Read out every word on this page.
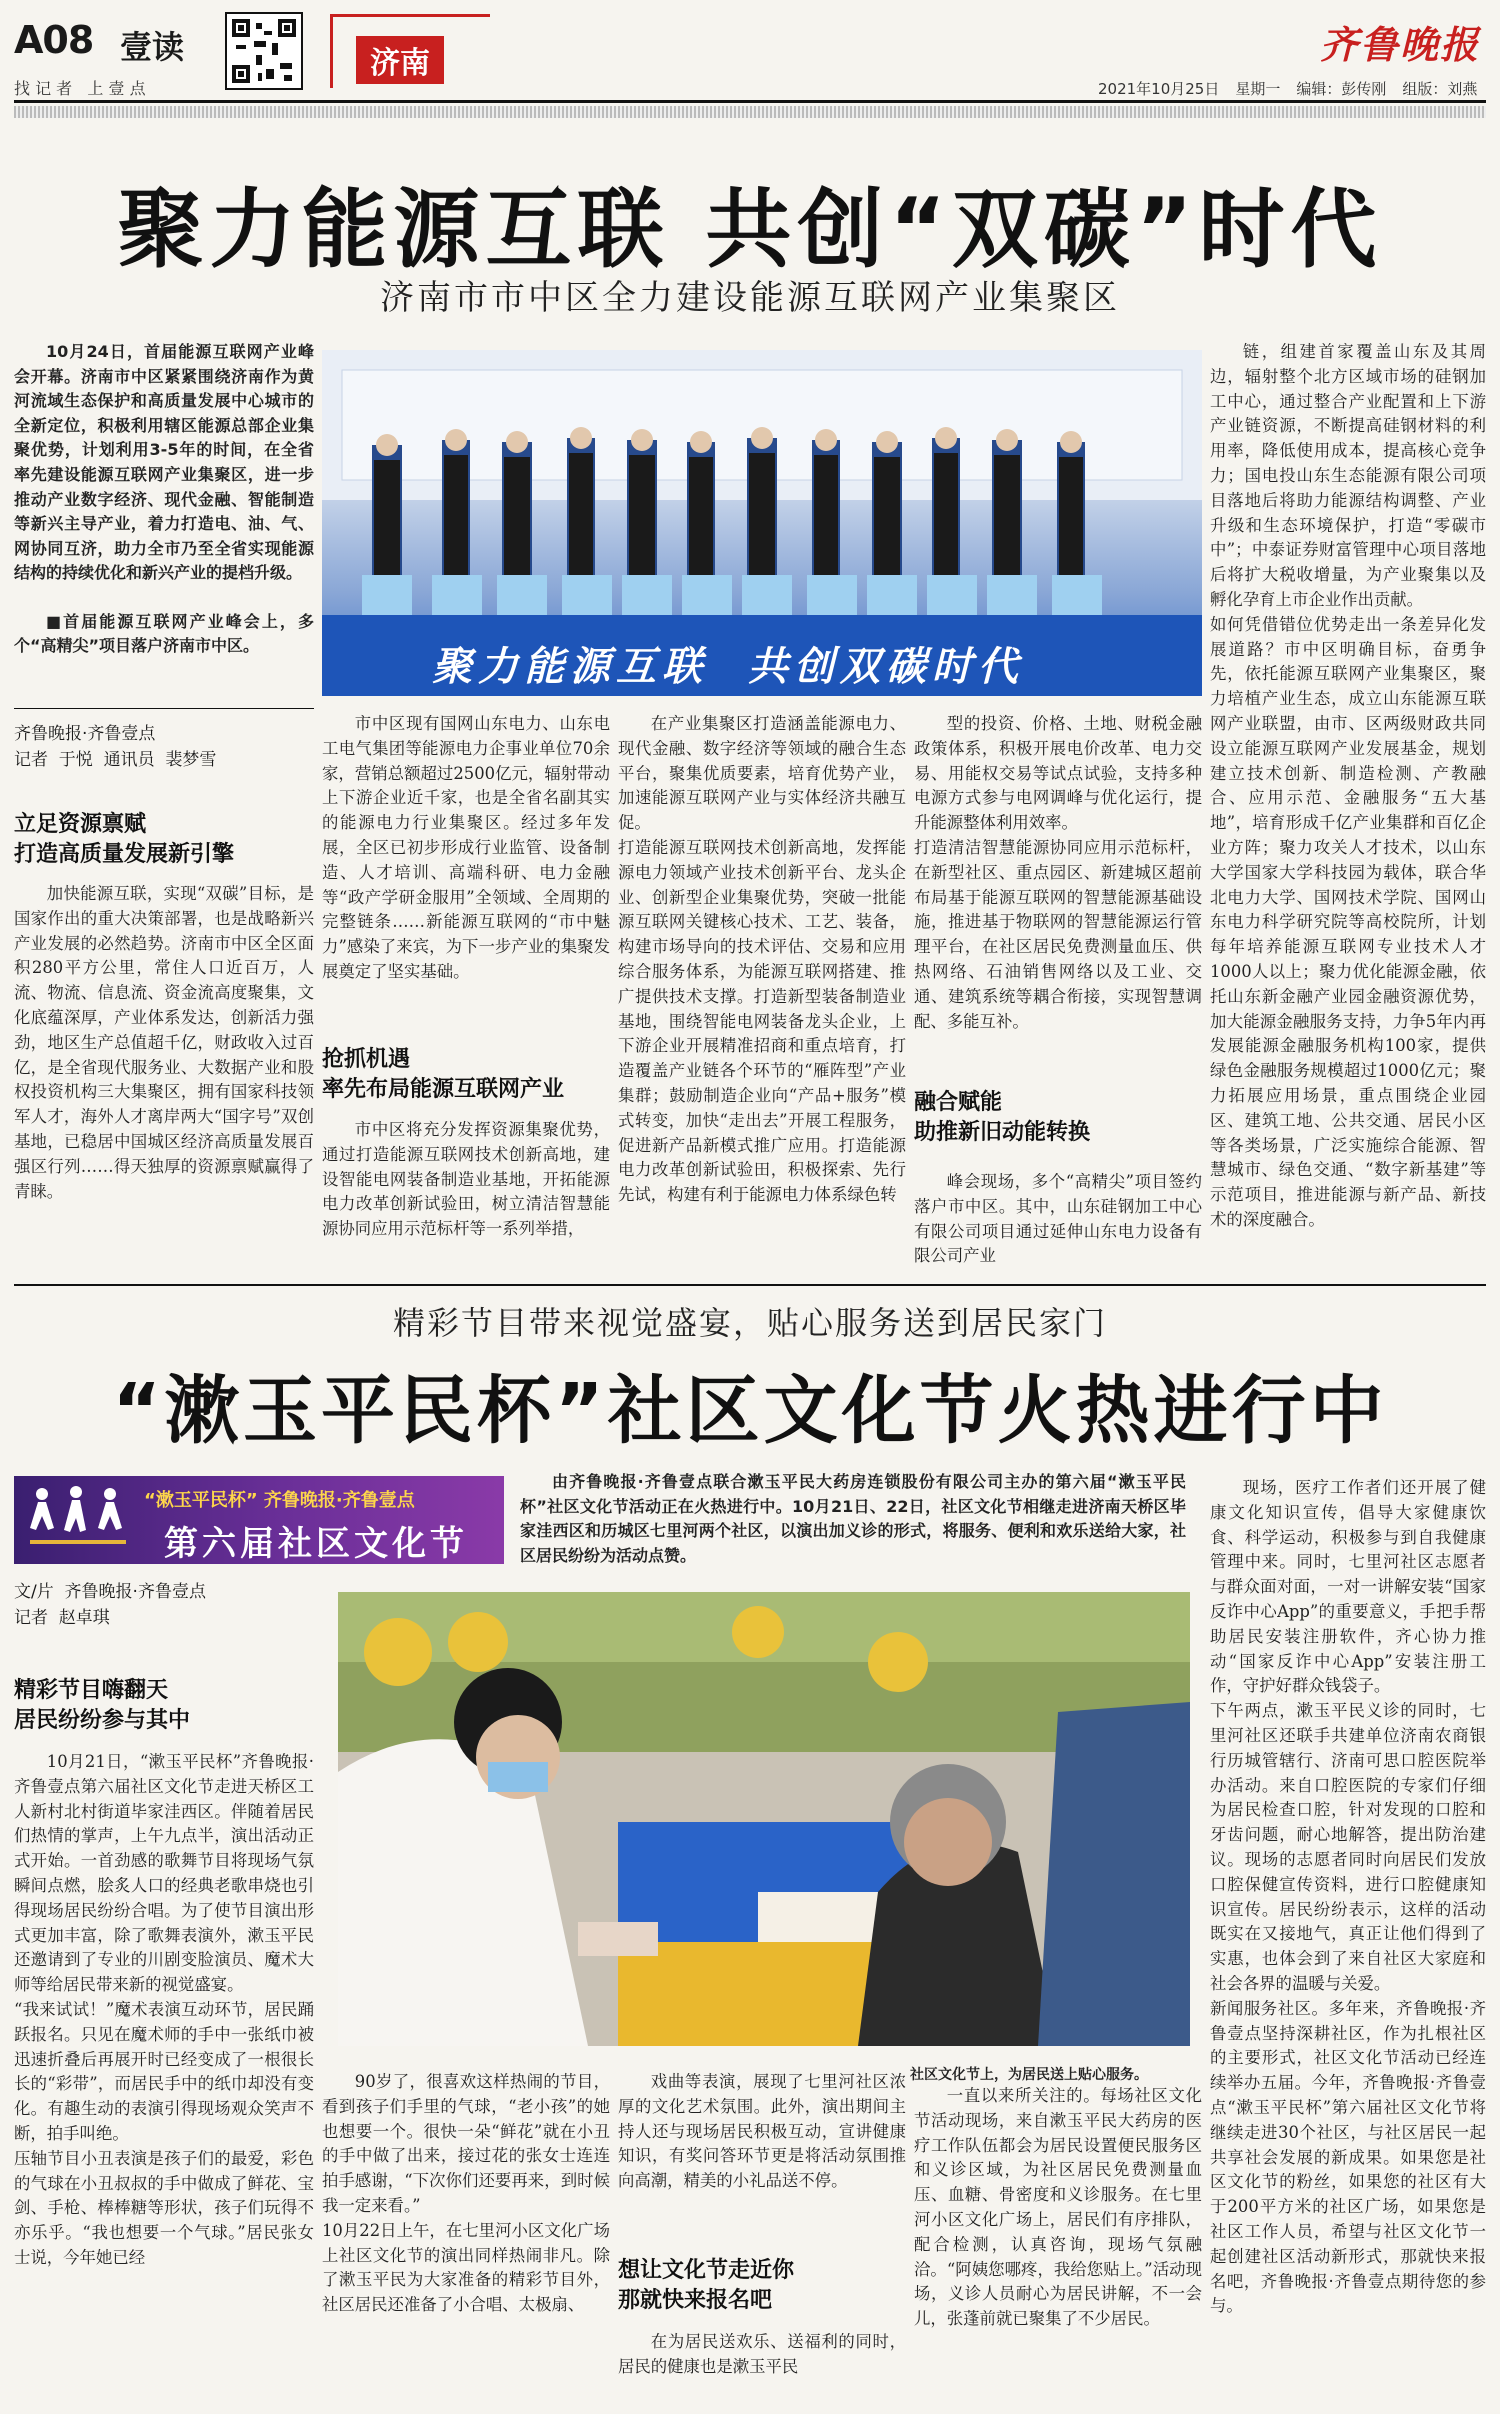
A08 壹读
找 记 者   上 壹 点
济南	齐鲁晚报
2021年10月25日 星期一 编辑：彭传刚 组版：刘燕
聚力能源互联 共创“双碳”时代
济南市市中区全力建设能源互联网产业集聚区

10月24日，首届能源互联网产业峰会开幕。济南市中区紧紧围绕济南作为黄河流域生态保护和高质量发展中心城市的全新定位，积极利用辖区能源总部企业集聚优势，计划利用3-5年的时间，在全省率先建设能源互联网产业集聚区，进一步推动产业数字经济、现代金融、智能制造等新兴主导产业，着力打造电、油、气、网协同互济，助力全市乃至全省实现能源结构的持续优化和新兴产业的提档升级。

■首届能源互联网产业峰会上，多个“高精尖”项目落户济南市中区。

齐鲁晚报·齐鲁壹点
记者  于悦  通讯员  裴梦雪
立足资源禀赋
打造高质量发展新引擎

加快能源互联，实现“双碳”目标，是国家作出的重大决策部署，也是战略新兴产业发展的必然趋势。济南市中区全区面积280平方公里，常住人口近百万，人流、物流、信息流、资金流高度聚集，文化底蕴深厚，产业体系发达，创新活力强劲，地区生产总值超千亿，财政收入过百亿，是全省现代服务业、大数据产业和股权投资机构三大集聚区，拥有国家科技领军人才，海外人才离岸两大“国字号”双创基地，已稳居中国城区经济高质量发展百强区行列……得天独厚的资源禀赋赢得了青睐。

聚力能源互联  共创双碳时代

市中区现有国网山东电力、山东电工电气集团等能源电力企事业单位70余家，营销总额超过2500亿元，辐射带动上下游企业近千家，也是全省名副其实的能源电力行业集聚区。经过多年发展，全区已初步形成行业监管、设备制造、人才培训、高端科研、电力金融等“政产学研金服用”全领域、全周期的完整链条……新能源互联网的“市中魅力”感染了来宾，为下一步产业的集聚发展奠定了坚实基础。

抢抓机遇
率先布局能源互联网产业

市中区将充分发挥资源集聚优势，通过打造能源互联网技术创新高地，建设智能电网装备制造业基地，开拓能源电力改革创新试验田，树立清洁智慧能源协同应用示范标杆等一系列举措，

在产业集聚区打造涵盖能源电力、现代金融、数字经济等领域的融合生态平台，聚集优质要素，培育优势产业，加速能源互联网产业与实体经济共融互促。
打造能源互联网技术创新高地，发挥能源电力领域产业技术创新平台、龙头企业、创新型企业集聚优势，突破一批能源互联网关键核心技术、工艺、装备，构建市场导向的技术评估、交易和应用综合服务体系，为能源互联网搭建、推广提供技术支撑。打造新型装备制造业基地，围绕智能电网装备龙头企业，上下游企业开展精准招商和重点培育，打造覆盖产业链各个环节的“雁阵型”产业集群；鼓励制造企业向“产品+服务”模式转变，加快“走出去”开展工程服务，促进新产品新模式推广应用。打造能源电力改革创新试验田，积极探索、先行先试，构建有利于能源电力体系绿色转

型的投资、价格、土地、财税金融政策体系，积极开展电价改革、电力交易、用能权交易等试点试验，支持多种电源方式参与电网调峰与优化运行，提升能源整体利用效率。
打造清洁智慧能源协同应用示范标杆，在新型社区、重点园区、新建城区超前布局基于能源互联网的智慧能源基础设施，推进基于物联网的智慧能源运行管理平台，在社区居民免费测量血压、供热网络、石油销售网络以及工业、交通、建筑系统等耦合衔接，实现智慧调配、多能互补。

融合赋能
助推新旧动能转换

峰会现场，多个“高精尖”项目签约落户市中区。其中，山东硅钢加工中心有限公司项目通过延伸山东电力设备有限公司产业

链，组建首家覆盖山东及其周边，辐射整个北方区域市场的硅钢加工中心，通过整合产业配置和上下游产业链资源，不断提高硅钢材料的利用率，降低使用成本，提高核心竞争力；国电投山东生态能源有限公司项目落地后将助力能源结构调整、产业升级和生态环境保护，打造“零碳市中”；中泰证券财富管理中心项目落地后将扩大税收增量，为产业聚集以及孵化孕育上市企业作出贡献。
如何凭借错位优势走出一条差异化发展道路？市中区明确目标，奋勇争先，依托能源互联网产业集聚区，聚力培植产业生态，成立山东能源互联网产业联盟，由市、区两级财政共同设立能源互联网产业发展基金，规划建立技术创新、制造检测、产教融合、应用示范、金融服务“五大基地”，培育形成千亿产业集群和百亿企业方阵；聚力攻关人才技术，以山东大学国家大学科技园为载体，联合华北电力大学、国网技术学院、国网山东电力科学研究院等高校院所，计划每年培养能源互联网专业技术人才1000人以上；聚力优化能源金融，依托山东新金融产业园金融资源优势，加大能源金融服务支持，力争5年内再发展能源金融服务机构100家，提供绿色金融服务规模超过1000亿元；聚力拓展应用场景，重点围绕企业园区、建筑工地、公共交通、居民小区等各类场景，广泛实施综合能源、智慧城市、绿色交通、“数字新基建”等示范项目，推进能源与新产品、新技术的深度融合。

精彩节目带来视觉盛宴，贴心服务送到居民家门
“漱玉平民杯”社区文化节火热进行中
“漱玉平民杯” 齐鲁晚报·齐鲁壹点
第六届社区文化节

由齐鲁晚报·齐鲁壹点联合漱玉平民大药房连锁股份有限公司主办的第六届“漱玉平民杯”社区文化节活动正在火热进行中。10月21日、22日，社区文化节相继走进济南天桥区毕家洼西区和历城区七里河两个社区，以演出加义诊的形式，将服务、便利和欢乐送给大家，社区居民纷纷为活动点赞。

文/片  齐鲁晚报·齐鲁壹点
记者  赵卓琪
精彩节目嗨翻天
居民纷纷参与其中

10月21日，“漱玉平民杯”齐鲁晚报·齐鲁壹点第六届社区文化节走进天桥区工人新村北村街道毕家洼西区。伴随着居民们热情的掌声，上午九点半，演出活动正式开始。一首劲感的歌舞节目将现场气氛瞬间点燃，脍炙人口的经典老歌串烧也引得现场居民纷纷合唱。为了使节目演出形式更加丰富，除了歌舞表演外，漱玉平民还邀请到了专业的川剧变脸演员、魔术大师等给居民带来新的视觉盛宴。
“我来试试！”魔术表演互动环节，居民踊跃报名。只见在魔术师的手中一张纸巾被迅速折叠后再展开时已经变成了一根很长长的“彩带”，而居民手中的纸巾却没有变化。有趣生动的表演引得现场观众笑声不断，拍手叫绝。
压轴节目小丑表演是孩子们的最爱，彩色的气球在小丑叔叔的手中做成了鲜花、宝剑、手枪、棒棒糖等形状，孩子们玩得不亦乐乎。“我也想要一个气球。”居民张女士说，今年她已经

社区文化节上，为居民送上贴心服务。

90岁了，很喜欢这样热闹的节目，看到孩子们手里的气球，“老小孩”的她也想要一个。很快一朵“鲜花”就在小丑的手中做了出来，接过花的张女士连连拍手感谢，“下次你们还要再来，到时候我一定来看。”
10月22日上午，在七里河小区文化广场上社区文化节的演出同样热闹非凡。除了漱玉平民为大家准备的精彩节目外，社区居民还准备了小合唱、太极扇、

戏曲等表演，展现了七里河社区浓厚的文化艺术氛围。此外，演出期间主持人还与现场居民积极互动，宣讲健康知识，有奖问答环节更是将活动氛围推向高潮，精美的小礼品送不停。

想让文化节走近你
那就快来报名吧

在为居民送欢乐、送福利的同时，居民的健康也是漱玉平民

一直以来所关注的。每场社区文化节活动现场，来自漱玉平民大药房的医疗工作队伍都会为居民设置便民服务区和义诊区域，为社区居民免费测量血压、血糖、骨密度和义诊服务。在七里河小区文化广场上，居民们有序排队，配合检测，认真咨询，现场气氛融洽。“阿姨您哪疼，我给您贴上。”活动现场，义诊人员耐心为居民讲解，不一会儿，张蓬前就已聚集了不少居民。

现场，医疗工作者们还开展了健康文化知识宣传，倡导大家健康饮食、科学运动，积极参与到自我健康管理中来。同时，七里河社区志愿者与群众面对面，一对一讲解安装“国家反诈中心App”的重要意义，手把手帮助居民安装注册软件，齐心协力推动“国家反诈中心App”安装注册工作，守护好群众钱袋子。
下午两点，漱玉平民义诊的同时，七里河社区还联手共建单位济南农商银行历城管辖行、济南可思口腔医院举办活动。来自口腔医院的专家们仔细为居民检查口腔，针对发现的口腔和牙齿问题，耐心地解答，提出防治建议。现场的志愿者同时向居民们发放口腔保健宣传资料，进行口腔健康知识宣传。居民纷纷表示，这样的活动既实在又接地气，真正让他们得到了实惠，也体会到了来自社区大家庭和社会各界的温暖与关爱。
新闻服务社区。多年来，齐鲁晚报·齐鲁壹点坚持深耕社区，作为扎根社区的主要形式，社区文化节活动已经连续举办五届。今年，齐鲁晚报·齐鲁壹点“漱玉平民杯”第六届社区文化节将继续走进30个社区，与社区居民一起共享社会发展的新成果。如果您是社区文化节的粉丝，如果您的社区有大于200平方米的社区广场，如果您是社区工作人员，希望与社区文化节一起创建社区活动新形式，那就快来报名吧，齐鲁晚报·齐鲁壹点期待您的参与。
